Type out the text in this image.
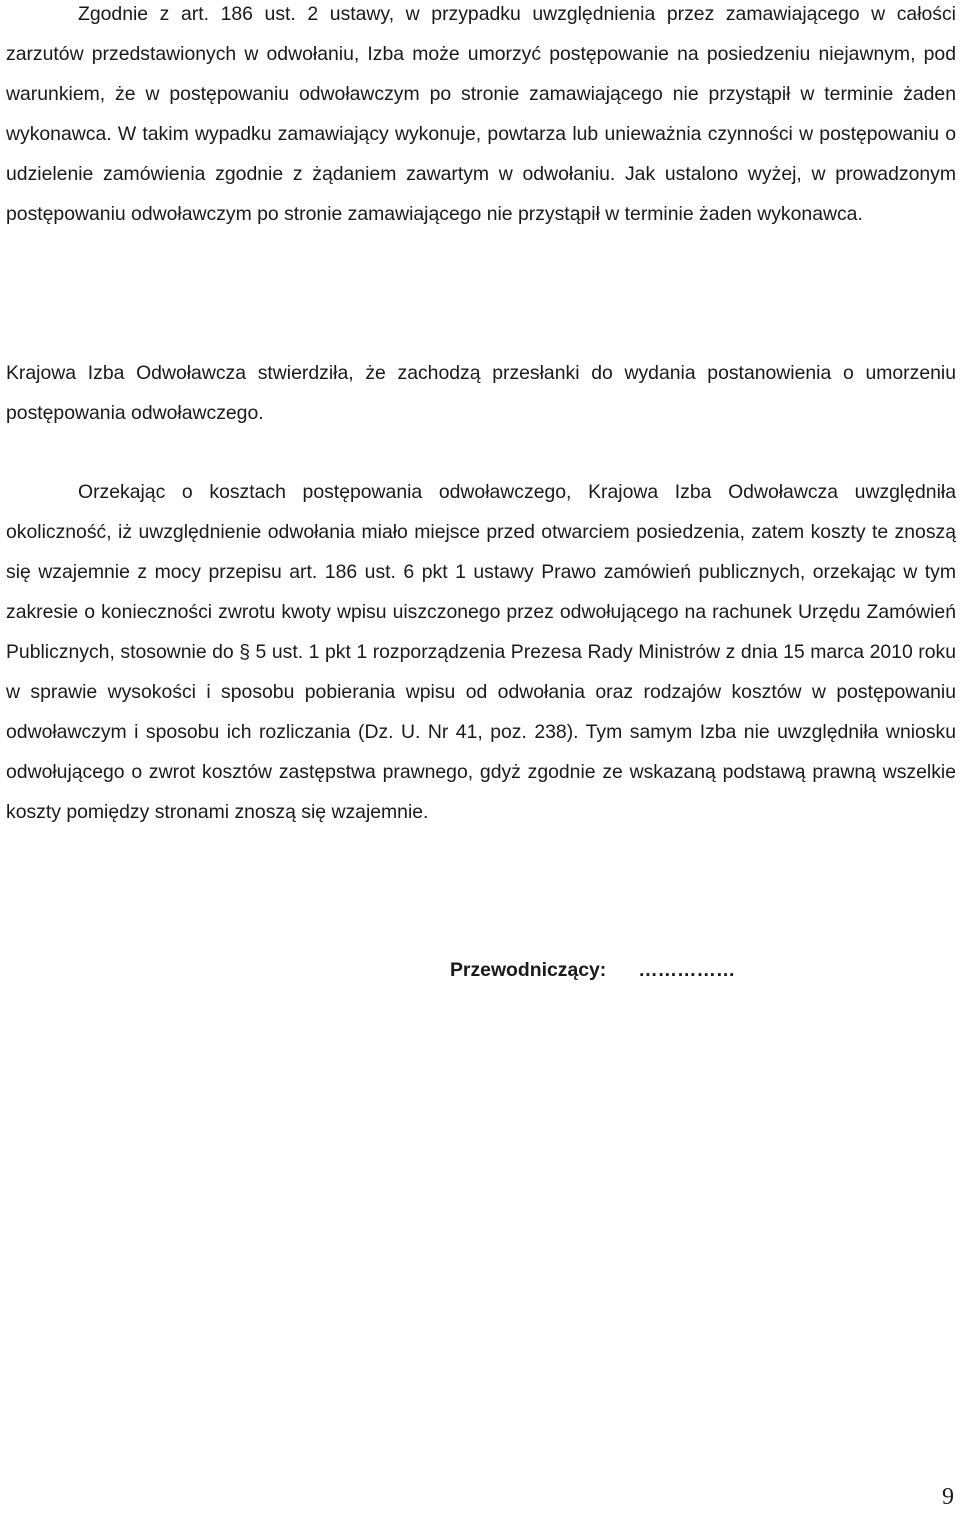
Zgodnie z art. 186 ust. 2 ustawy, w przypadku uwzględnienia przez zamawiającego w całości zarzutów przedstawionych w odwołaniu, Izba może umorzyć postępowanie na posiedzeniu niejawnym, pod warunkiem, że w postępowaniu odwoławczym po stronie zamawiającego nie przystąpił w terminie żaden wykonawca. W takim wypadku zamawiający wykonuje, powtarza lub unieważnia czynności w postępowaniu o udzielenie zamówienia zgodnie z żądaniem zawartym w odwołaniu. Jak ustalono wyżej, w prowadzonym postępowaniu odwoławczym po stronie zamawiającego nie przystąpił w terminie żaden wykonawca.

Krajowa Izba Odwoławcza stwierdziła, że zachodzą przesłanki do wydania postanowienia o umorzeniu postępowania odwoławczego.

Orzekając o kosztach postępowania odwoławczego, Krajowa Izba Odwoławcza uwzględniła okoliczność, iż uwzględnienie odwołania miało miejsce przed otwarciem posiedzenia, zatem koszty te znoszą się wzajemnie z mocy przepisu art. 186 ust. 6 pkt 1 ustawy Prawo zamówień publicznych, orzekając w tym zakresie o konieczności zwrotu kwoty wpisu uiszczonego przez odwołującego na rachunek Urzędu Zamówień Publicznych, stosownie do § 5 ust. 1 pkt 1 rozporządzenia Prezesa Rady Ministrów z dnia 15 marca 2010 roku w sprawie wysokości i sposobu pobierania wpisu od odwołania oraz rodzajów kosztów w postępowaniu odwoławczym i sposobu ich rozliczania (Dz. U. Nr 41, poz. 238). Tym samym Izba nie uwzględniła wniosku odwołującego o zwrot kosztów zastępstwa prawnego, gdyż zgodnie ze wskazaną podstawą prawną wszelkie koszty pomiędzy stronami znoszą się wzajemnie.

Przewodniczący: ……………
9
